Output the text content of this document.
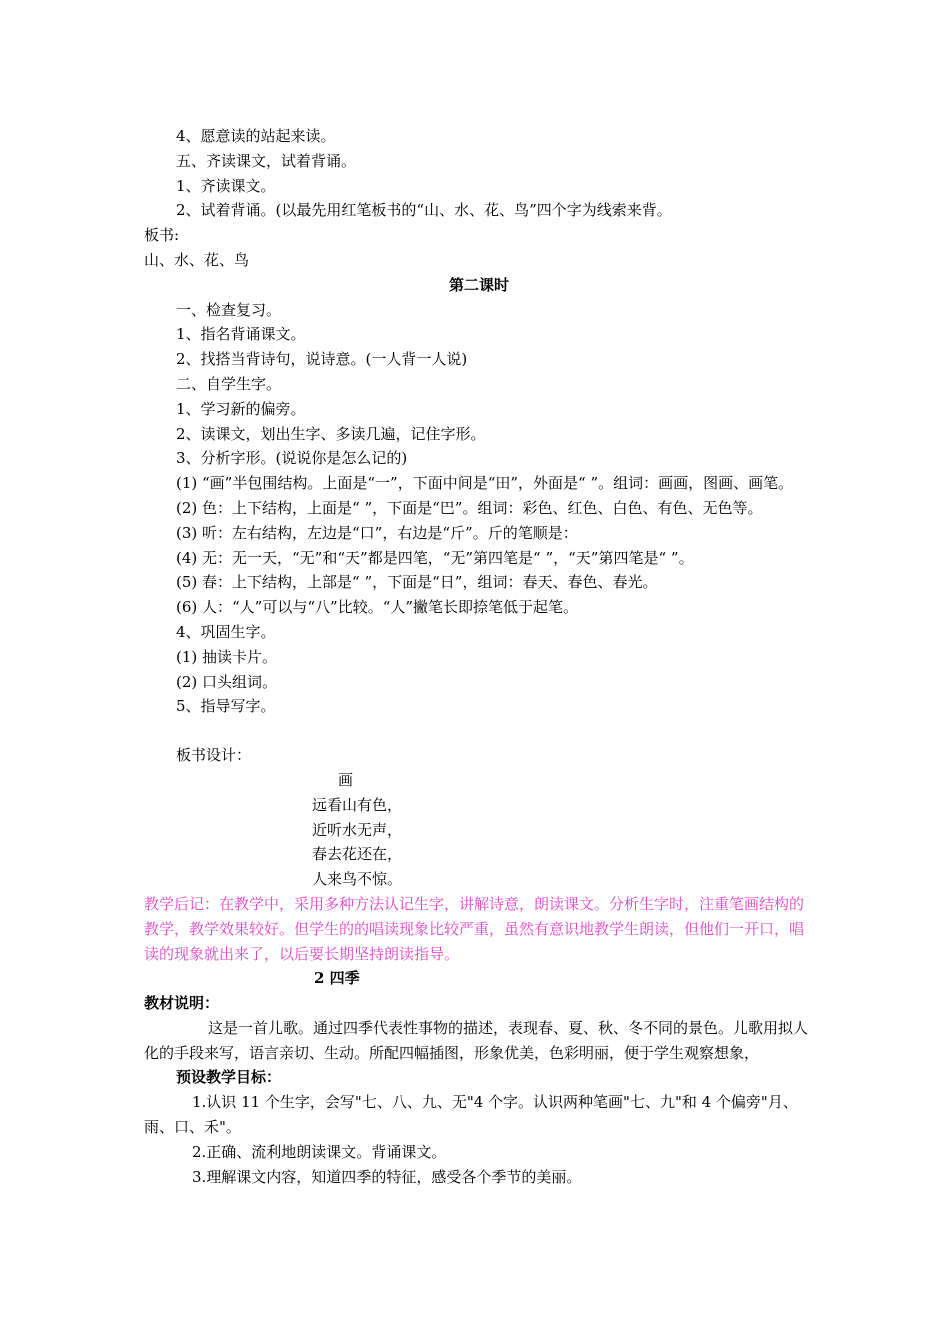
4、愿意读的站起来读。

五、齐读课文，试着背诵。

1、齐读课文。

2、试着背诵。(以最先用红笔板书的“山、水、花、鸟”四个字为线索来背。

板书:

山、水、花、鸟

第二课时

一、检查复习。

1、指名背诵课文。

2、找搭当背诗句，说诗意。(一人背一人说)

二、自学生字。

1、学习新的偏旁。

2、读课文，划出生字、多读几遍，记住字形。

3、分析字形。(说说你是怎么记的)

(1) “画”半包围结构。上面是“一”，下面中间是“田”，外面是“ ”。组词：画画，图画、画笔。

(2) 色：上下结构，上面是“ ”，下面是“巴”。组词：彩色、红色、白色、有色、无色等。

(3) 听：左右结构，左边是“口”，右边是“斤”。斤的笔顺是：

(4) 无：无一天，“无”和“天”都是四笔，“无”第四笔是“ ”，“天”第四笔是“ ”。

(5) 春：上下结构，上部是“ ”，下面是“日”，组词：春天、春色、春光。

(6) 人：“人”可以与“八”比较。“人”撇笔长即捺笔低于起笔。

4、巩固生字。

(1) 抽读卡片。

(2) 口头组词。

5、指导写字。

板书设计：

画

远看山有色，

近听水无声，

春去花还在，

人来鸟不惊。

教学后记：在教学中，采用多种方法认记生字，讲解诗意，朗读课文。分析生字时，注重笔画结构的教学，教学效果较好。但学生的的唱读现象比较严重，虽然有意识地教学生朗读，但他们一开口，唱读的现象就出来了，以后要长期坚持朗读指导。

2 四季

教材说明：

这是一首儿歌。通过四季代表性事物的描述，表现春、夏、秋、冬不同的景色。儿歌用拟人化的手段来写，语言亲切、生动。所配四幅插图，形象优美，色彩明丽，便于学生观察想象，

预设教学目标：

1.认识 11 个生字，会写"七、八、九、无"4 个字。认识两种笔画"七、九"和 4 个偏旁"月、雨、口、禾"。

2.正确、流利地朗读课文。背诵课文。

3.理解课文内容，知道四季的特征，感受各个季节的美丽。
